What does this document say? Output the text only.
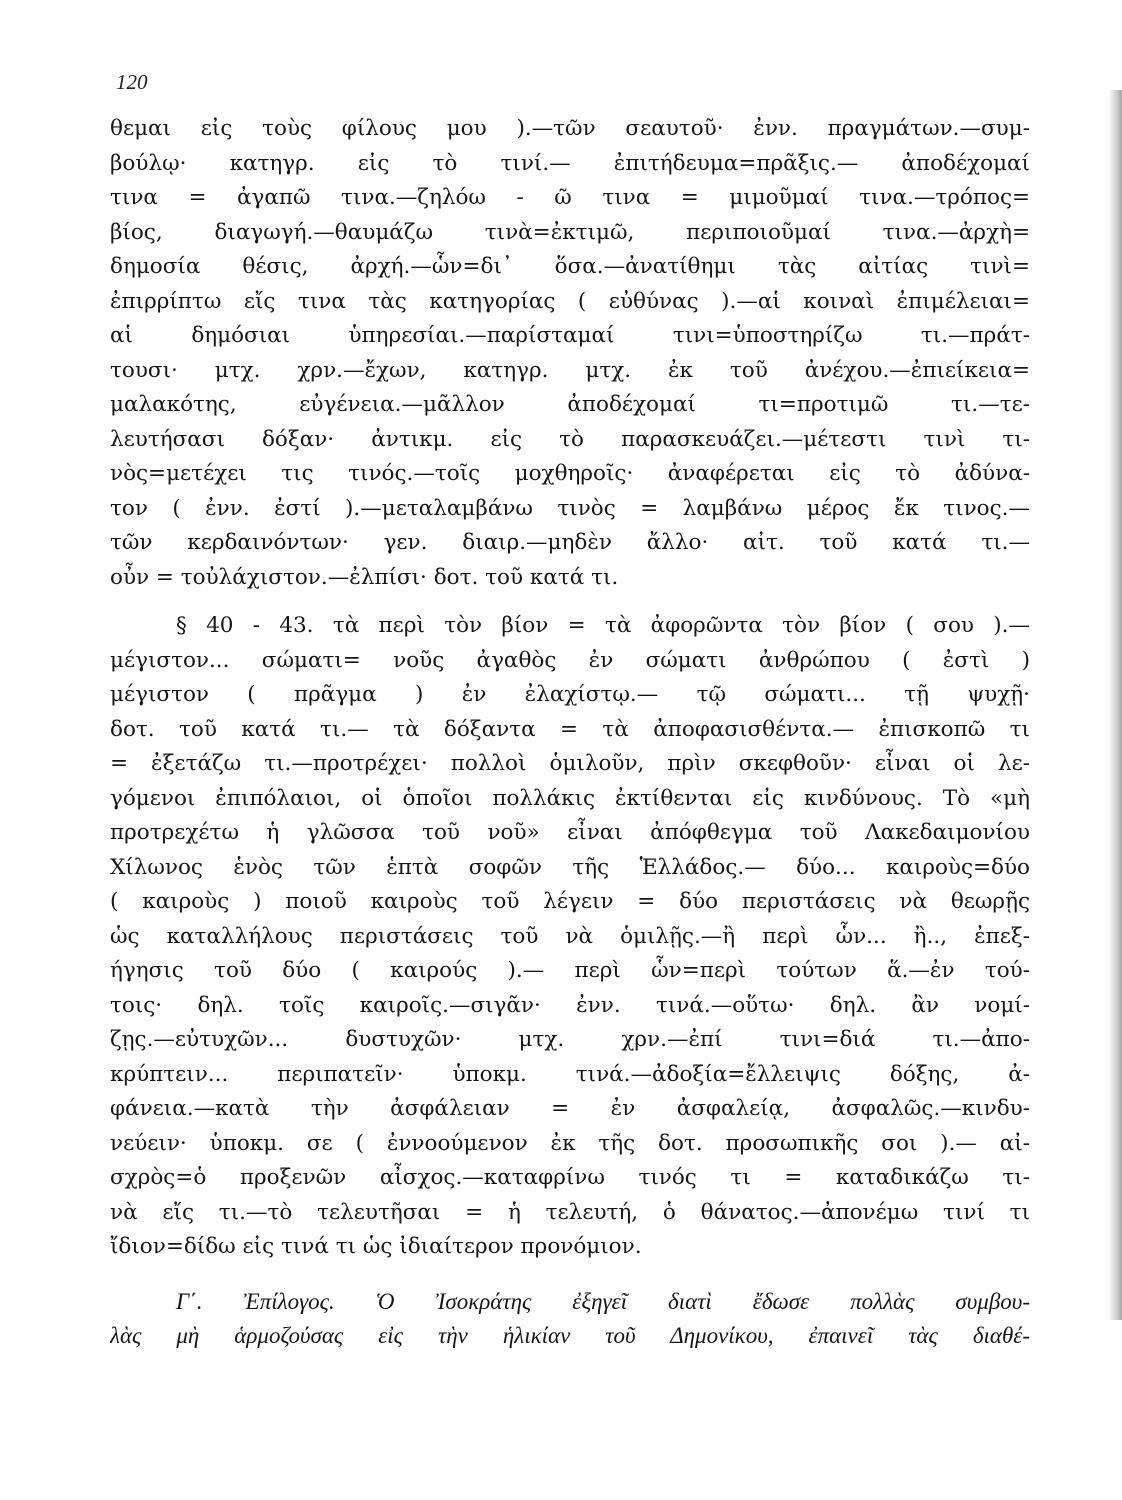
120
θεμαι εἰς τοὺς φίλους μου ).—τῶν σεαυτοῦ· ἐνν. πραγμάτων.—συμ-
βούλῳ· κατηγρ. εἰς τὸ τινί.— ἐπιτήδευμα=πρᾶξις.— ἀποδέχομαί
τινα = ἀγαπῶ τινα.—ζηλόω - ῶ τινα = μιμοῦμαί τινα.—τρόπος=
βίος, διαγωγή.—θαυμάζω τινὰ=ἐκτιμῶ, περιποιοῦμαί τινα.—ἀρχὴ=
δημοσία θέσις, ἀρχή.—ὧν=δι᾽ ὅσα.—ἀνατίθημι τὰς αἰτίας τινὶ=
ἐπιρρίπτω εἴς τινα τὰς κατηγορίας ( εὐθύνας ).—αἱ κοιναὶ ἐπιμέλειαι=
αἱ δημόσιαι ὑπηρεσίαι.—παρίσταμαί τινι=ὑποστηρίζω τι.—πράτ-
τουσι· μτχ. χρν.—ἔχων, κατηγρ. μτχ. ἐκ τοῦ ἀνέχου.—ἐπιείκεια=
μαλακότης, εὐγένεια.—μᾶλλον ἀποδέχομαί τι=προτιμῶ τι.—τε-
λευτήσασι δόξαν· ἀντικμ. εἰς τὸ παρασκευάζει.—μέτεστι τινὶ τι-
νὸς=μετέχει τις τινός.—τοῖς μοχθηροῖς· ἀναφέρεται εἰς τὸ ἀδύνα-
τον ( ἐνν. ἐστί ).—μεταλαμβάνω τινὸς = λαμβάνω μέρος ἔκ τινος.—
τῶν κερδαινόντων· γεν. διαιρ.—μηδὲν ἄλλο· αἰτ. τοῦ κατά τι.—
οὖν = τοὐλάχιστον.—ἐλπίσι· δοτ. τοῦ κατά τι.
§ 40 - 43. τὰ περὶ τὸν βίον = τὰ ἀφορῶντα τὸν βίον ( σου ).—
μέγιστον... σώματι= νοῦς ἀγαθὸς ἐν σώματι ἀνθρώπου ( ἐστὶ )
μέγιστον ( πρᾶγμα ) ἐν ἐλαχίστῳ.— τῷ σώματι... τῇ ψυχῇ·
δοτ. τοῦ κατά τι.— τὰ δόξαντα = τὰ ἀποφασισθέντα.— ἐπισκοπῶ τι
= ἐξετάζω τι.—προτρέχει· πολλοὶ ὁμιλοῦν, πρὶν σκεφθοῦν· εἶναι οἱ λε-
γόμενοι ἐπιπόλαιοι, οἱ ὁποῖοι πολλάκις ἐκτίθενται εἰς κινδύνους. Τὸ «μὴ
προτρεχέτω ἡ γλῶσσα τοῦ νοῦ» εἶναι ἀπόφθεγμα τοῦ Λακεδαιμονίου
Χίλωνος ἑνὸς τῶν ἑπτὰ σοφῶν τῆς Ἑλλάδος.— δύο... καιροὺς=δύο
( καιροὺς ) ποιοῦ καιροὺς τοῦ λέγειν = δύο περιστάσεις νὰ θεωρῇς
ὡς καταλλήλους περιστάσεις τοῦ νὰ ὁμιλῇς.—ἢ περὶ ὧν... ἢ.., ἐπεξ-
ήγησις τοῦ δύο ( καιρούς ).— περὶ ὧν=περὶ τούτων ἅ.—ἐν τού-
τοις· δηλ. τοῖς καιροῖς.—σιγᾶν· ἐνν. τινά.—οὕτω· δηλ. ἂν νομί-
ζῃς.—εὐτυχῶν... δυστυχῶν· μτχ. χρν.—ἐπί τινι=διά τι.—ἀπο-
κρύπτειν... περιπατεῖν· ὑποκμ. τινά.—ἀδοξία=ἔλλειψις δόξης, ἀ-
φάνεια.—κατὰ τὴν ἀσφάλειαν = ἐν ἀσφαλείᾳ, ἀσφαλῶς.—κινδυ-
νεύειν· ὑποκμ. σε ( ἐννοούμενον ἐκ τῆς δοτ. προσωπικῆς σοι ).— αἰ-
σχρὸς=ὁ προξενῶν αἶσχος.—καταφρίνω τινός τι = καταδικάζω τι-
νὰ εἴς τι.—τὸ τελευτῆσαι = ἡ τελευτή, ὁ θάνατος.—ἀπονέμω τινί τι
ἴδιον=δίδω εἰς τινά τι ὡς ἰδιαίτερον προνόμιον.
Γ΄. Ἐπίλογος. Ὁ Ἰσοκράτης ἐξηγεῖ διατὶ ἔδωσε πολλὰς συμβου-
λὰς μὴ ἁρμοζούσας εἰς τὴν ἡλικίαν τοῦ Δημονίκου, ἐπαινεῖ τὰς διαθέ-
